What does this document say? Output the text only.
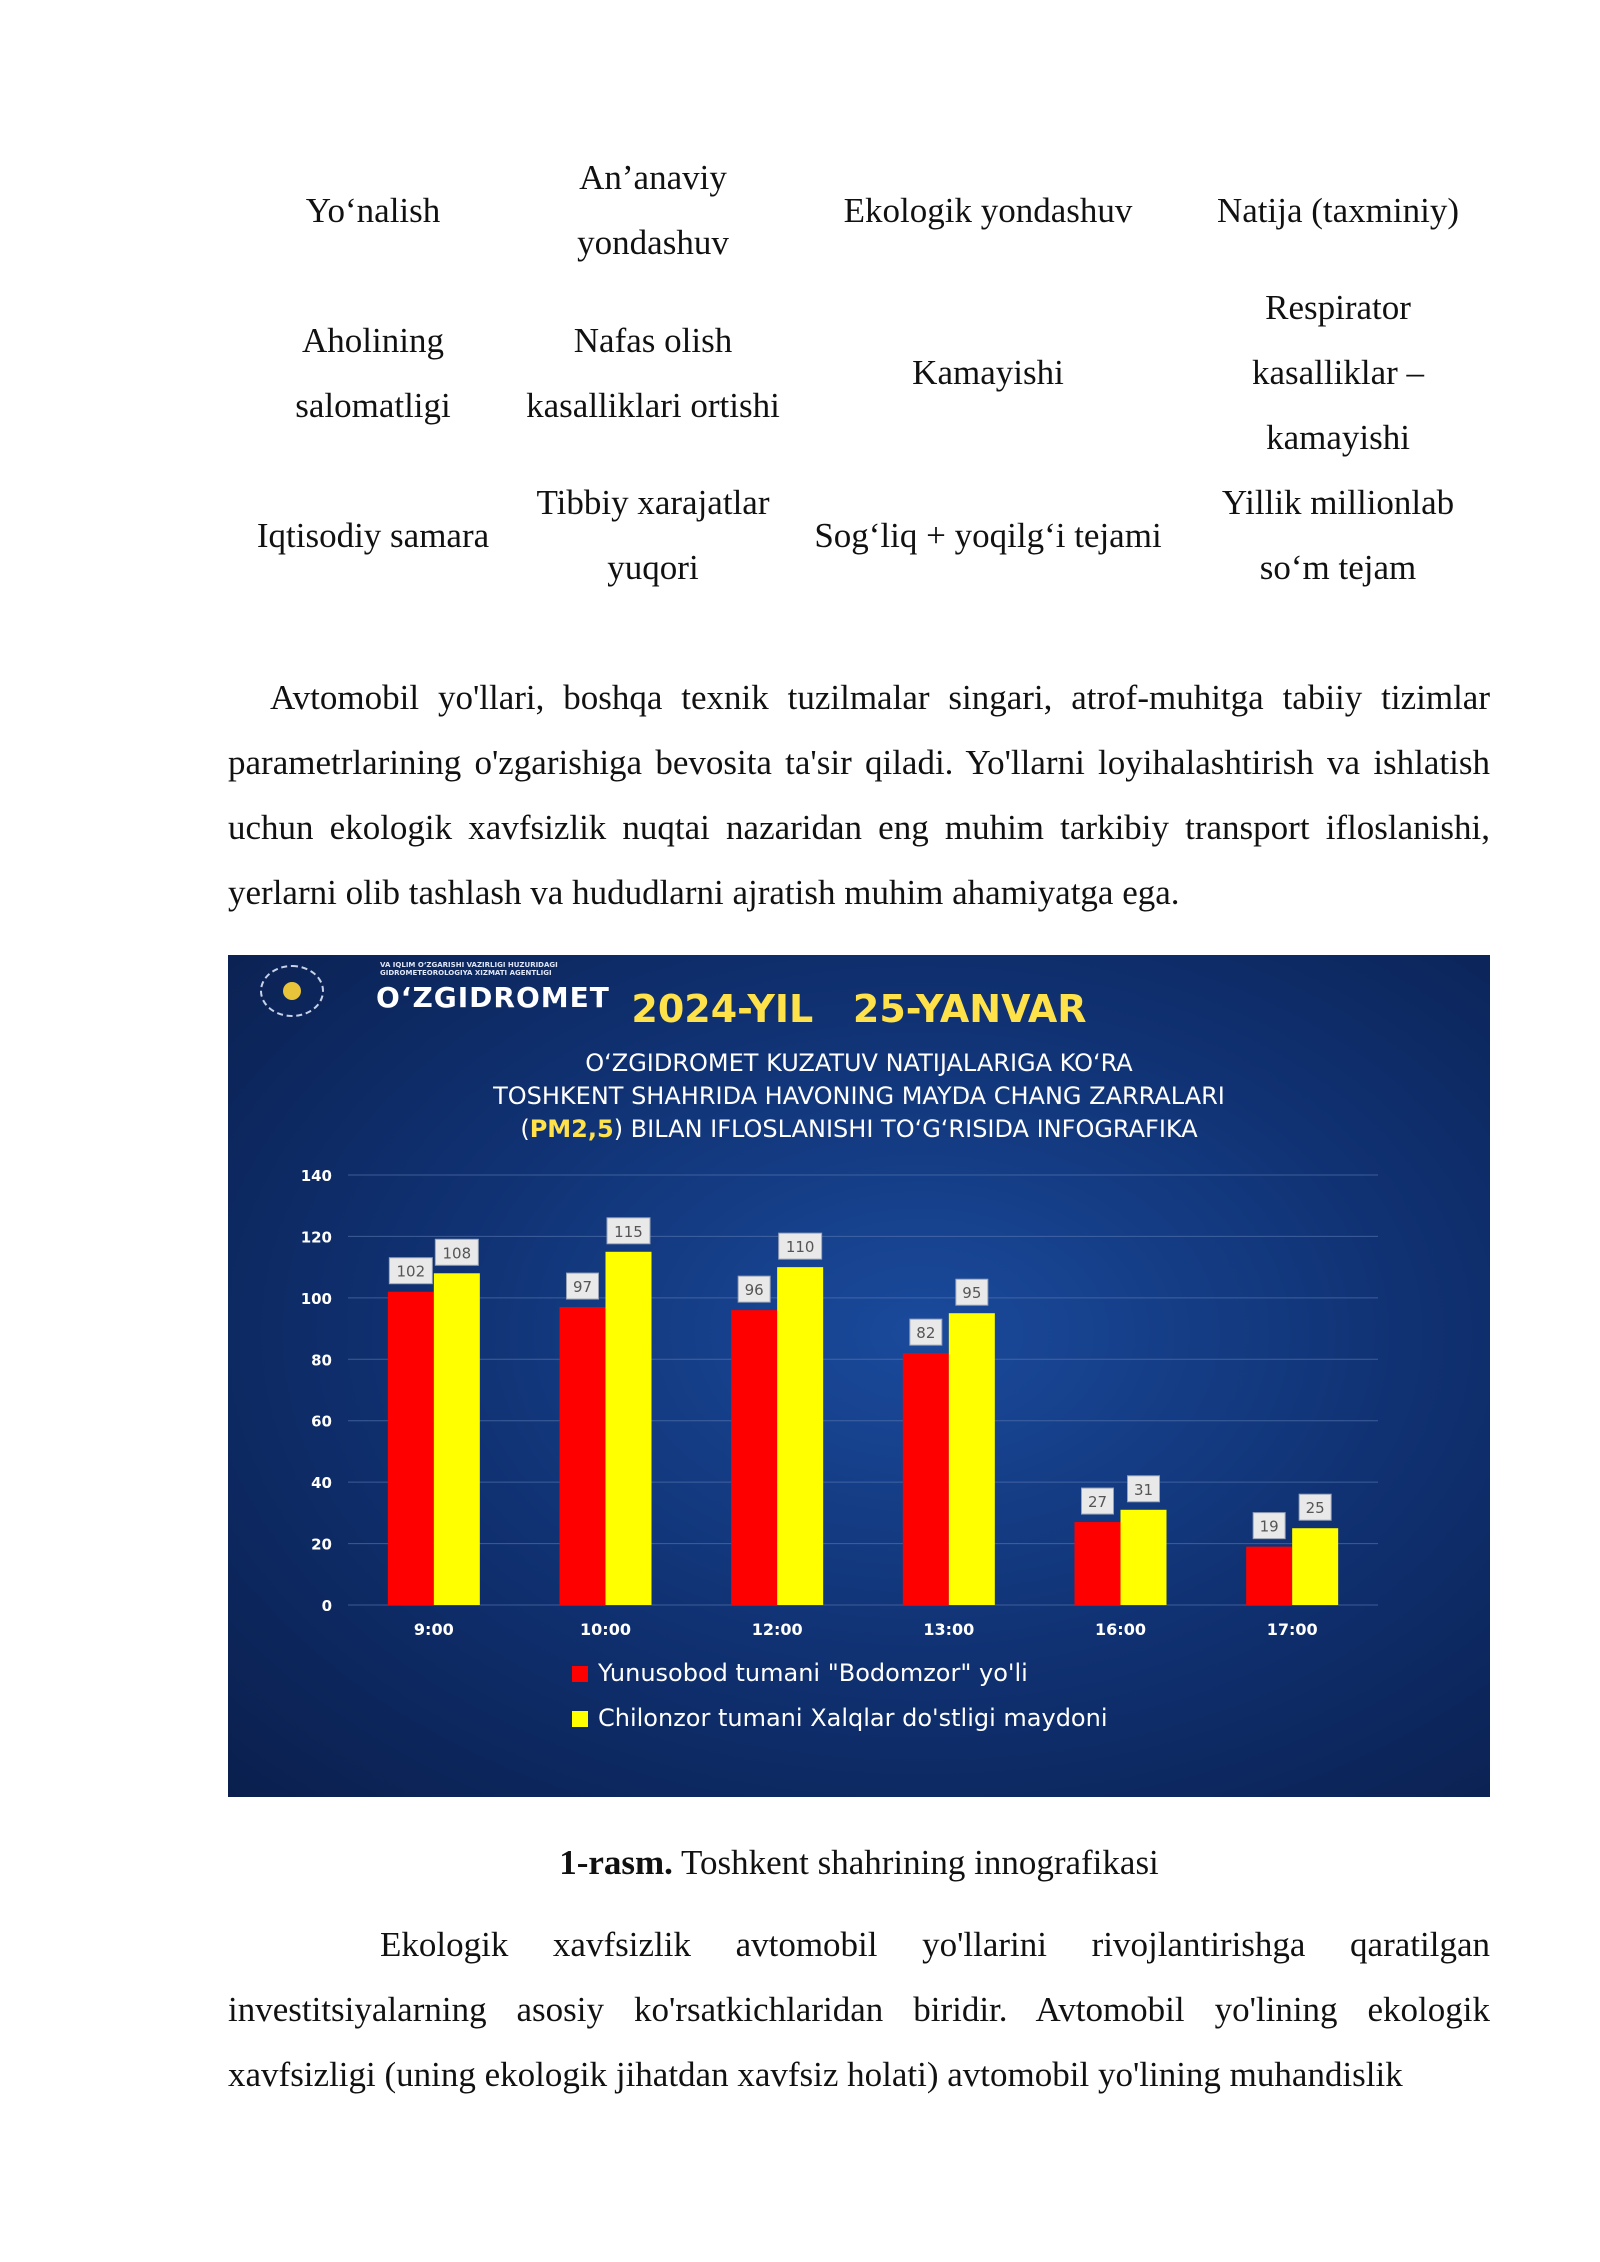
Yo‘nalish	An’anaviy yondashuv	Ekologik yondashuv	Natija (taxminiy)
Aholining salomatligi	Nafas olish kasalliklari ortishi	Kamayishi	Respirator kasalliklar – kamayishi
Iqtisodiy samara	Tibbiy xarajatlar yuqori	Sog‘liq + yoqilg‘i tejami	Yillik millionlab so‘m tejam

Avtomobil yo'llari, boshqa texnik tuzilmalar singari, atrof-muhitga tabiiy tizimlar parametrlarining o'zgarishiga bevosita ta'sir qiladi. Yo'llarni loyihalashtirish va ishlatish uchun ekologik xavfsizlik nuqtai nazaridan eng muhim tarkibiy transport ifloslanishi, yerlarni olib tashlash va hududlarni ajratish muhim ahamiyatga ega.

VA IQLIM O‘ZGARISHI VAZIRLIGI HUZURIDAGI
GIDROMETEOROLOGIYA XIZMATI AGENTLIGI
O‘ZGIDROMET 2024-YIL   25-YANVAR
O‘ZGIDROMET KUZATUV NATIJALARIGA KO‘RA
TOSHKENT SHAHRIDA HAVONING MAYDA CHANG ZARRALARI
(PM2,5) BILAN IFLOSLANISHI TO‘G‘RISIDA INFOGRAFIKA
0
20
40
60
80
100
120
140
9:00
102
108
10:00
97
115
12:00
96
110
13:00
82
95
16:00
27
31
17:00
19
25
Yunusobod tumani "Bodomzor" yo'li
Chilonzor tumani Xalqlar do'stligi maydoni
1-rasm. Toshkent shahrining innografikasi

Ekologik xavfsizlik avtomobil yo'llarini rivojlantirishga qaratilgan investitsiyalarning asosiy ko'rsatkichlaridan biridir. Avtomobil yo'lining ekologik xavfsizligi (uning ekologik jihatdan xavfsiz holati) avtomobil yo'lining muhandislik
